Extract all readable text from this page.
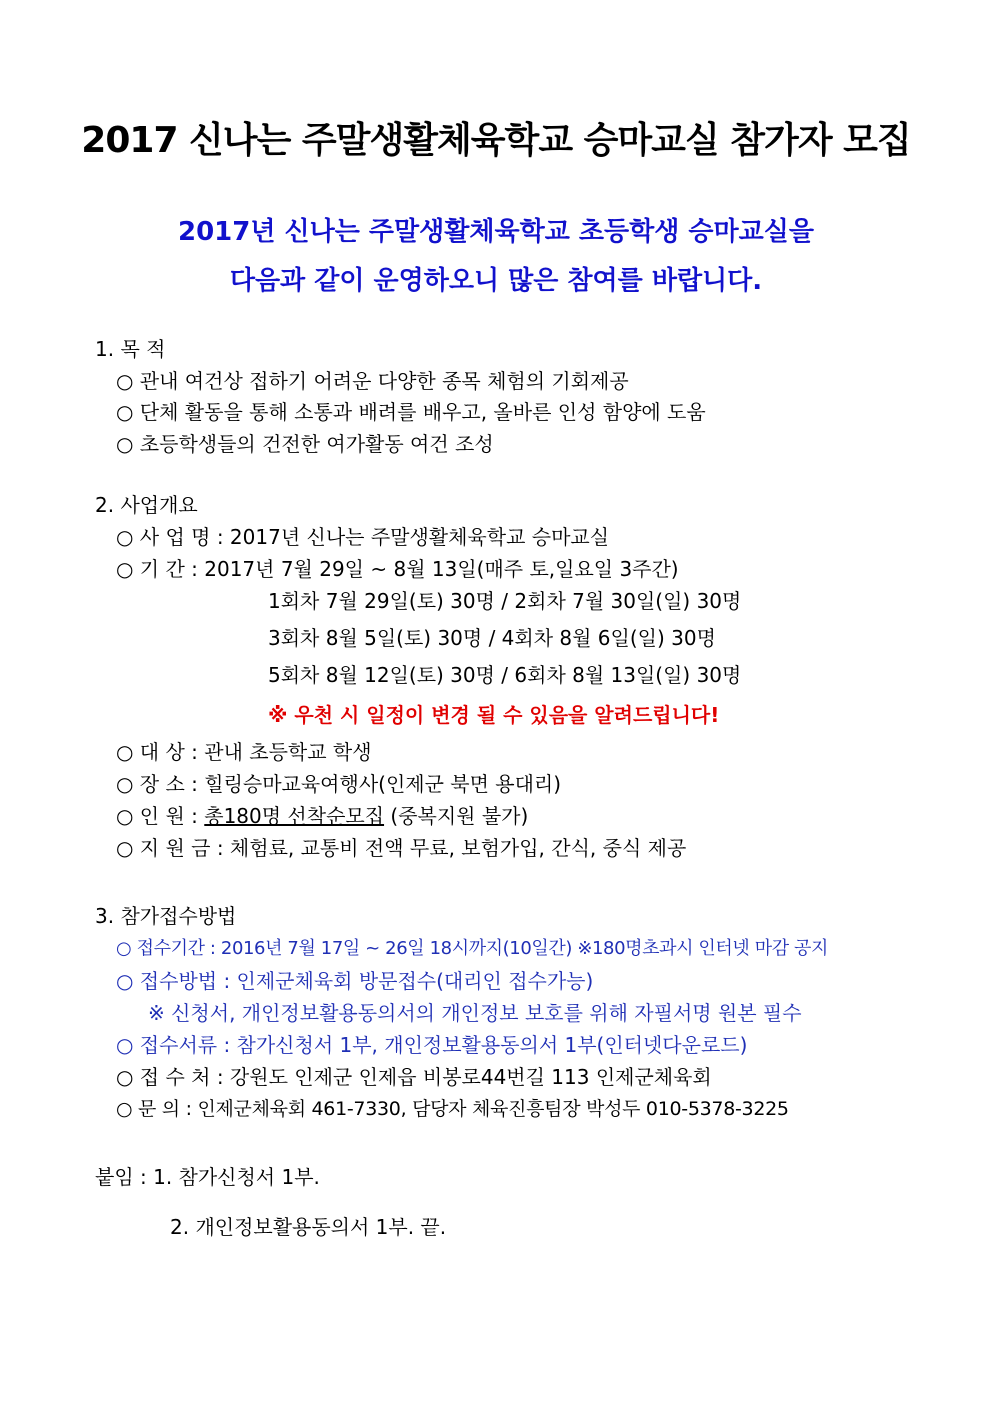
2017 신나는 주말생활체육학교 승마교실 참가자 모집
2017년 신나는 주말생활체육학교 초등학생 승마교실을
다음과 같이 운영하오니 많은 참여를 바랍니다.
1. 목 적
○ 관내 여건상 접하기 어려운 다양한 종목 체험의 기회제공
○ 단체 활동을 통해 소통과 배려를 배우고, 올바른 인성 함양에 도움
○ 초등학생들의 건전한 여가활동 여건 조성
2. 사업개요
○ 사 업 명 : 2017년 신나는 주말생활체육학교 승마교실
○ 기 간 : 2017년 7월 29일 ~ 8월 13일(매주 토,일요일 3주간)
1회차 7월 29일(토) 30명 / 2회차 7월 30일(일) 30명
3회차 8월 5일(토) 30명 / 4회차 8월 6일(일) 30명
5회차 8월 12일(토) 30명 / 6회차 8월 13일(일) 30명
※ 우천 시 일정이 변경 될 수 있음을 알려드립니다!
○ 대 상 : 관내 초등학교 학생
○ 장 소 : 힐링승마교육여행사(인제군 북면 용대리)
○ 인 원 : 총180명 선착순모집 (중복지원 불가)
○ 지 원 금 : 체험료, 교통비 전액 무료, 보험가입, 간식, 중식 제공
3. 참가접수방법
○ 접수기간 : 2016년 7월 17일 ~ 26일 18시까지(10일간) ※180명초과시 인터넷 마감 공지
○ 접수방법 : 인제군체육회 방문접수(대리인 접수가능)
※ 신청서, 개인정보활용동의서의 개인정보 보호를 위해 자필서명 원본 필수
○ 접수서류 : 참가신청서 1부, 개인정보활용동의서 1부(인터넷다운로드)
○ 접 수 처 : 강원도 인제군 인제읍 비봉로44번길 113 인제군체육회
○ 문 의 : 인제군체육회 461-7330, 담당자 체육진흥팀장 박성두 010-5378-3225
붙임 : 1. 참가신청서 1부.
2. 개인정보활용동의서 1부. 끝.
